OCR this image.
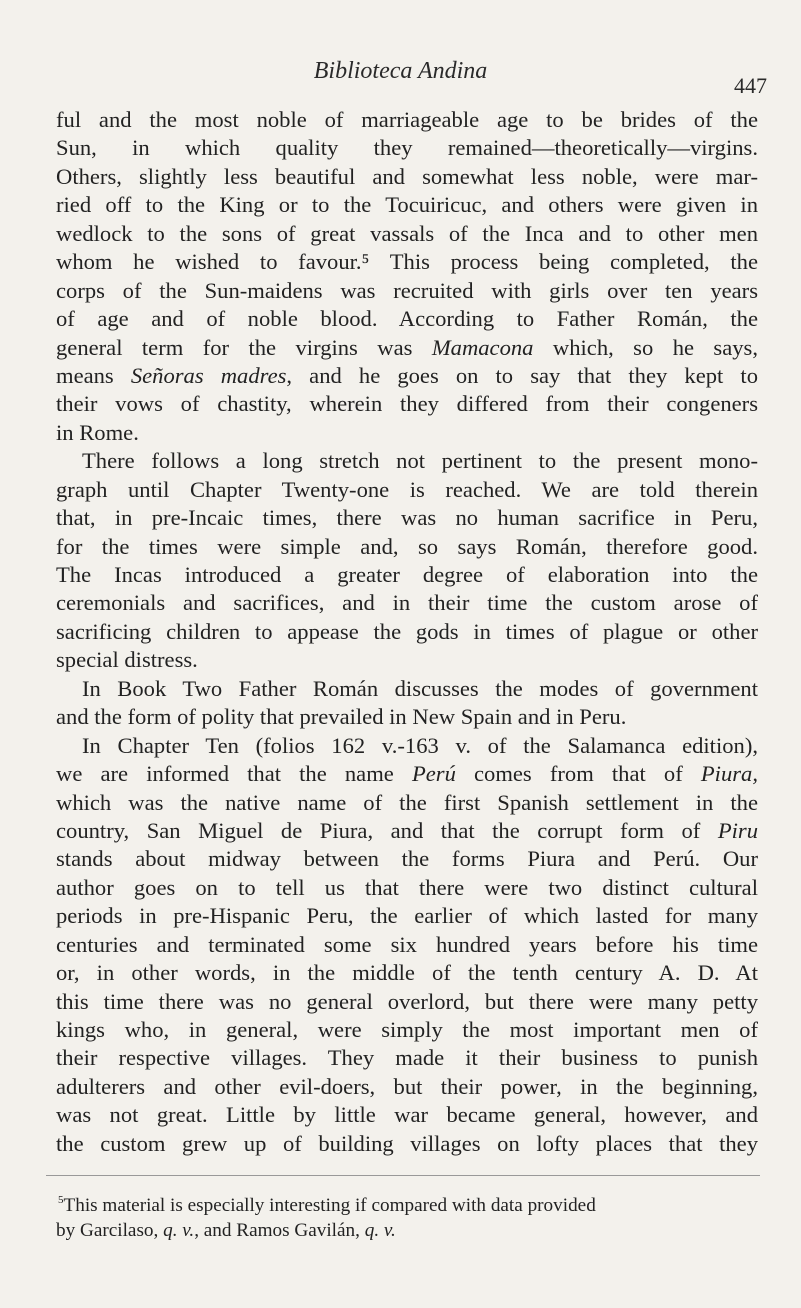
Biblioteca Andina
447
ful and the most noble of marriageable age to be brides of the
Sun, in which quality they remained—theoretically—virgins.
Others, slightly less beautiful and somewhat less noble, were mar-
ried off to the King or to the Tocuiricuc, and others were given in
wedlock to the sons of great vassals of the Inca and to other men
whom he wished to favour.⁵ This process being completed, the
corps of the Sun-maidens was recruited with girls over ten years
of age and of noble blood. According to Father Román, the
general term for the virgins was Mamacona which, so he says,
means Señoras madres, and he goes on to say that they kept to
their vows of chastity, wherein they differed from their congeners
in Rome.
There follows a long stretch not pertinent to the present mono-
graph until Chapter Twenty-one is reached. We are told therein
that, in pre-Incaic times, there was no human sacrifice in Peru,
for the times were simple and, so says Román, therefore good.
The Incas introduced a greater degree of elaboration into the
ceremonials and sacrifices, and in their time the custom arose of
sacrificing children to appease the gods in times of plague or other
special distress.
In Book Two Father Román discusses the modes of government
and the form of polity that prevailed in New Spain and in Peru.
In Chapter Ten (folios 162 v.-163 v. of the Salamanca edition),
we are informed that the name Perú comes from that of Piura,
which was the native name of the first Spanish settlement in the
country, San Miguel de Piura, and that the corrupt form of Piru
stands about midway between the forms Piura and Perú. Our
author goes on to tell us that there were two distinct cultural
periods in pre-Hispanic Peru, the earlier of which lasted for many
centuries and terminated some six hundred years before his time
or, in other words, in the middle of the tenth century A. D. At
this time there was no general overlord, but there were many petty
kings who, in general, were simply the most important men of
their respective villages. They made it their business to punish
adulterers and other evil-doers, but their power, in the beginning,
was not great. Little by little war became general, however, and
the custom grew up of building villages on lofty places that they
$^5$This material is especially interesting if compared with data provided
by Garcilaso, q. v., and Ramos Gavilán, q. v.
